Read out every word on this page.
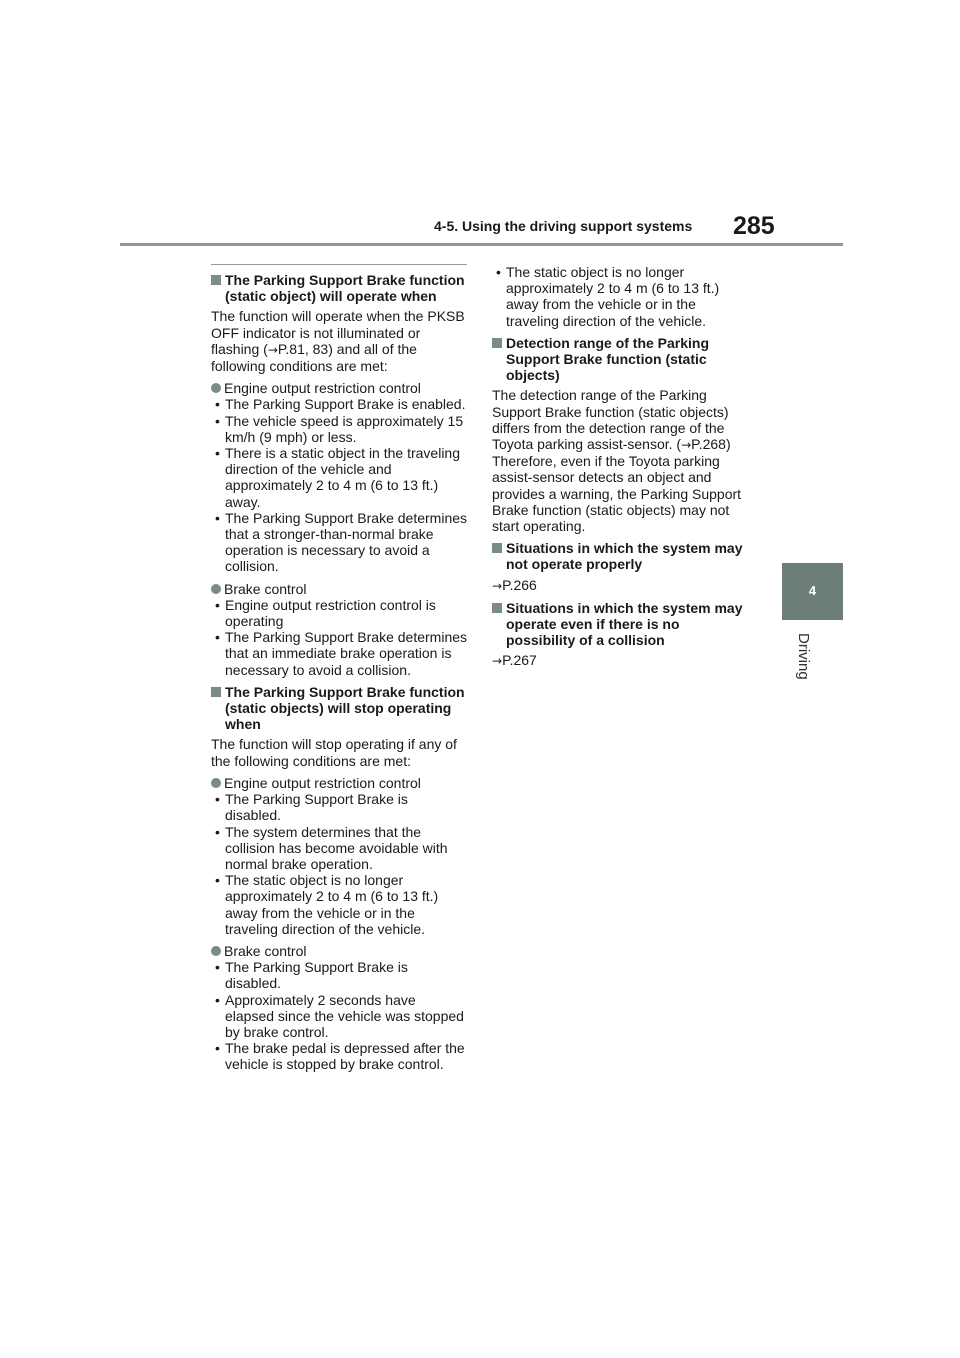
4-5. Using the driving support systems 285
4
Driving
The Parking Support Brake function (static object) will operate when

The function will operate when the PKSB OFF indicator is not illuminated or flashing (→P.81, 83) and all of the following conditions are met:

Engine output restriction control
• The Parking Support Brake is enabled.
• The vehicle speed is approximately 15 km/h (9 mph) or less.
• There is a static object in the traveling direction of the vehicle and approximately 2 to 4 m (6 to 13 ft.) away.
• The Parking Support Brake determines that a stronger-than-normal brake operation is necessary to avoid a collision.
Brake control
• Engine output restriction control is operating
• The Parking Support Brake determines that an immediate brake operation is necessary to avoid a collision.
The Parking Support Brake function (static objects) will stop operating when

The function will stop operating if any of the following conditions are met:

Engine output restriction control
• The Parking Support Brake is disabled.
• The system determines that the collision has become avoidable with normal brake operation.
• The static object is no longer approximately 2 to 4 m (6 to 13 ft.) away from the vehicle or in the traveling direction of the vehicle.
Brake control
• The Parking Support Brake is disabled.
• Approximately 2 seconds have elapsed since the vehicle was stopped by brake control.
• The brake pedal is depressed after the vehicle is stopped by brake control.
• The static object is no longer approximately 2 to 4 m (6 to 13 ft.) away from the vehicle or in the traveling direction of the vehicle.
Detection range of the Parking Support Brake function (static objects)

The detection range of the Parking Support Brake function (static objects) differs from the detection range of the Toyota parking assist-sensor. (→P.268) Therefore, even if the Toyota parking assist-sensor detects an object and provides a warning, the Parking Support Brake function (static objects) may not start operating.

Situations in which the system may not operate properly

→P.266

Situations in which the system may operate even if there is no possibility of a collision

→P.267
